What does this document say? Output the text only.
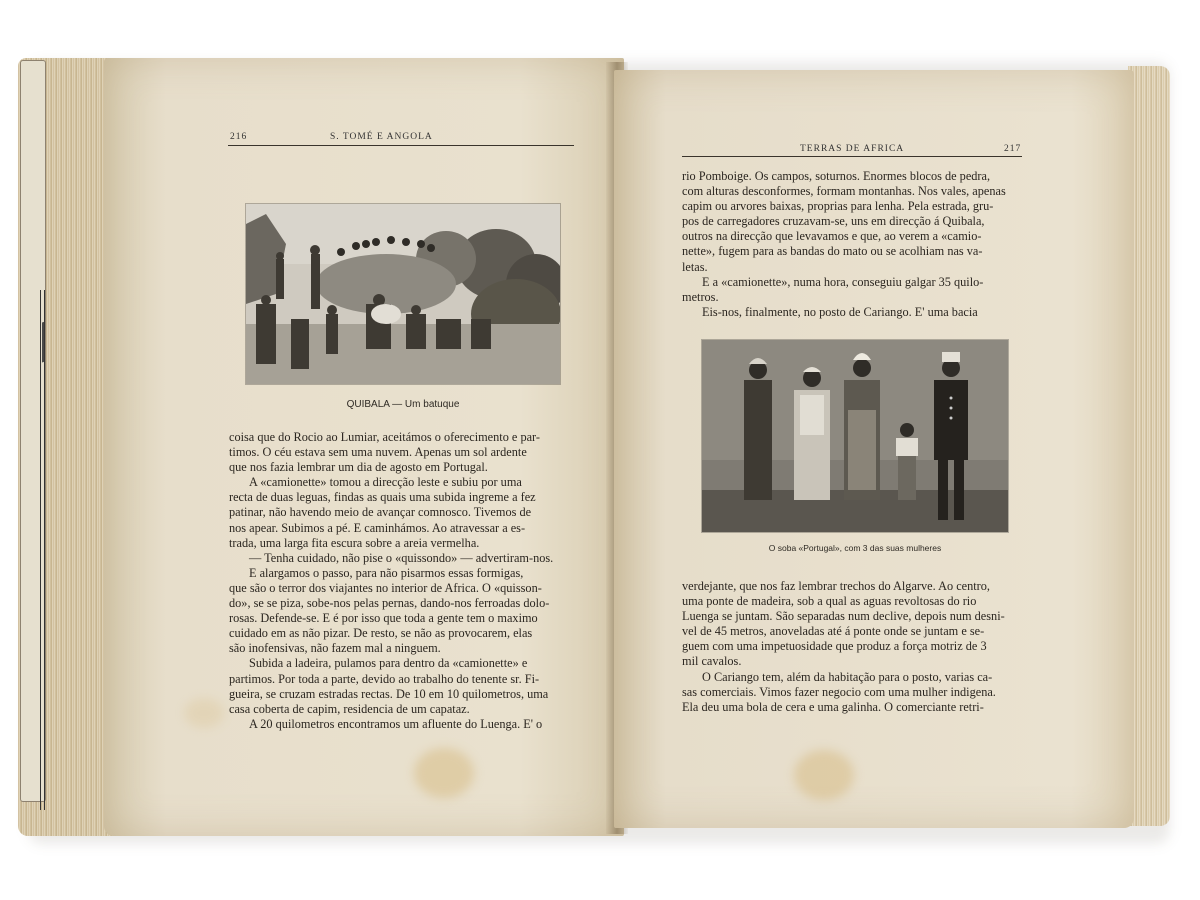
216	S. TOMÉ E ANGOLA
QUIBALA — Um batuque
coisa que do Rocio ao Lumiar, aceitámos o oferecimento e par-
timos. O céu estava sem uma nuvem. Apenas um sol ardente
que nos fazia lembrar um dia de agosto em Portugal.
A «camionette» tomou a direcção leste e subiu por uma
recta de duas leguas, findas as quais uma subida ingreme a fez
patinar, não havendo meio de avançar comnosco. Tivemos de
nos apear. Subimos a pé. E caminhámos. Ao atravessar a es-
trada, uma larga fita escura sobre a areia vermelha.
— Tenha cuidado, não pise o «quissondo» — advertiram-nos.
E alargamos o passo, para não pisarmos essas formigas,
que são o terror dos viajantes no interior de Africa. O «quisson-
do», se se piza, sobe-nos pelas pernas, dando-nos ferroadas dolo-
rosas. Defende-se. E é por isso que toda a gente tem o maximo
cuidado em as não pizar. De resto, se não as provocarem, elas
são inofensivas, não fazem mal a ninguem.
Subida a ladeira, pulamos para dentro da «camionette» e
partimos. Por toda a parte, devido ao trabalho do tenente sr. Fi-
gueira, se cruzam estradas rectas. De 10 em 10 quilometros, uma
casa coberta de capim, residencia de um capataz.
A 20 quilometros encontramos um afluente do Luenga. E' o
TERRAS DE AFRICA	217
rio Pomboige. Os campos, soturnos. Enormes blocos de pedra,
com alturas desconformes, formam montanhas. Nos vales, apenas
capim ou arvores baixas, proprias para lenha. Pela estrada, gru-
pos de carregadores cruzavam-se, uns em direcção á Quibala,
outros na direcção que levavamos e que, ao verem a «camio-
nette», fugem para as bandas do mato ou se acolhiam nas va-
letas.
E a «camionette», numa hora, conseguiu galgar 35 quilo-
metros.
Eis-nos, finalmente, no posto de Cariango. E' uma bacia
O soba «Portugal», com 3 das suas mulheres
verdejante, que nos faz lembrar trechos do Algarve. Ao centro,
uma ponte de madeira, sob a qual as aguas revoltosas do rio
Luenga se juntam. São separadas num declive, depois num desni-
vel de 45 metros, anoveladas até á ponte onde se juntam e se-
guem com uma impetuosidade que produz a força motriz de 3
mil cavalos.
O Cariango tem, além da habitação para o posto, varias ca-
sas comerciais. Vimos fazer negocio com uma mulher indigena.
Ela deu uma bola de cera e uma galinha. O comerciante retri-
